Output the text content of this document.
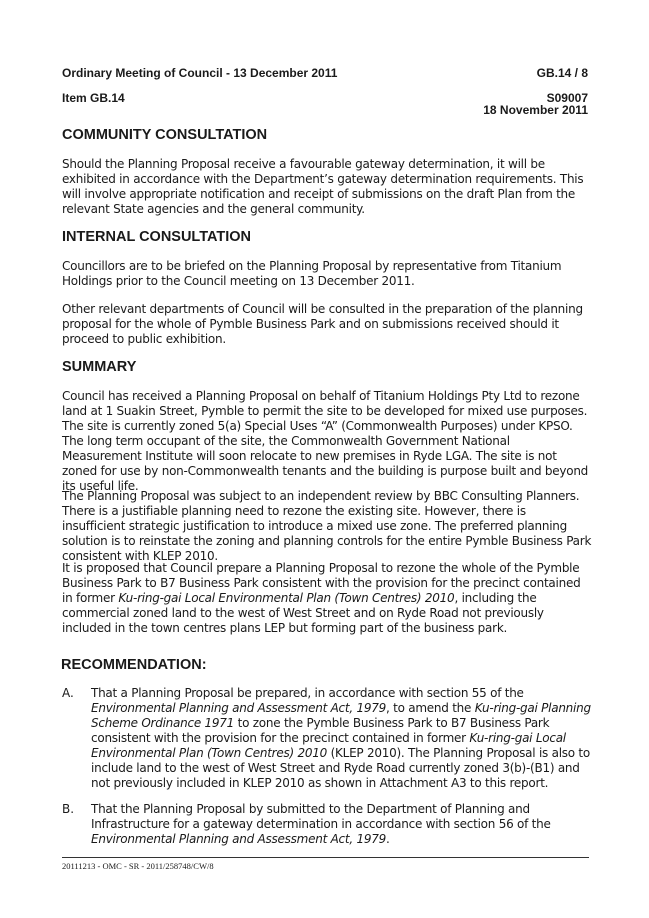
Ordinary Meeting of Council - 13 December 2011	GB.14 / 8
Item GB.14	S09007
18 November 2011
COMMUNITY CONSULTATION

Should the Planning Proposal receive a favourable gateway determination, it will be exhibited in accordance with the Department’s gateway determination requirements. This will involve appropriate notification and receipt of submissions on the draft Plan from the relevant State agencies and the general community.

INTERNAL CONSULTATION

Councillors are to be briefed on the Planning Proposal by representative from Titanium Holdings prior to the Council meeting on 13 December 2011.

Other relevant departments of Council will be consulted in the preparation of the planning proposal for the whole of Pymble Business Park and on submissions received should it proceed to public exhibition.

SUMMARY

Council has received a Planning Proposal on behalf of Titanium Holdings Pty Ltd to rezone land at 1 Suakin Street, Pymble to permit the site to be developed for mixed use purposes. The site is currently zoned 5(a) Special Uses “A” (Commonwealth Purposes) under KPSO. The long term occupant of the site, the Commonwealth Government National Measurement Institute will soon relocate to new premises in Ryde LGA. The site is not zoned for use by non-Commonwealth tenants and the building is purpose built and beyond its useful life.

The Planning Proposal was subject to an independent review by BBC Consulting Planners. There is a justifiable planning need to rezone the existing site. However, there is insufficient strategic justification to introduce a mixed use zone. The preferred planning solution is to reinstate the zoning and planning controls for the entire Pymble Business Park consistent with KLEP 2010.

It is proposed that Council prepare a Planning Proposal to rezone the whole of the Pymble Business Park to B7 Business Park consistent with the provision for the precinct contained in former Ku-ring-gai Local Environmental Plan (Town Centres) 2010, including the commercial zoned land to the west of West Street and on Ryde Road not previously included in the town centres plans LEP but forming part of the business park.

RECOMMENDATION:
A. That a Planning Proposal be prepared, in accordance with section 55 of the Environmental Planning and Assessment Act, 1979, to amend the Ku-ring-gai Planning Scheme Ordinance 1971 to zone the Pymble Business Park to B7 Business Park consistent with the provision for the precinct contained in former Ku-ring-gai Local Environmental Plan (Town Centres) 2010 (KLEP 2010). The Planning Proposal is also to include land to the west of West Street and Ryde Road currently zoned 3(b)-(B1) and not previously included in KLEP 2010 as shown in Attachment A3 to this report.

B. That the Planning Proposal by submitted to the Department of Planning and Infrastructure for a gateway determination in accordance with section 56 of the Environmental Planning and Assessment Act, 1979.

20111213 - OMC - SR - 2011/258748/CW/8
